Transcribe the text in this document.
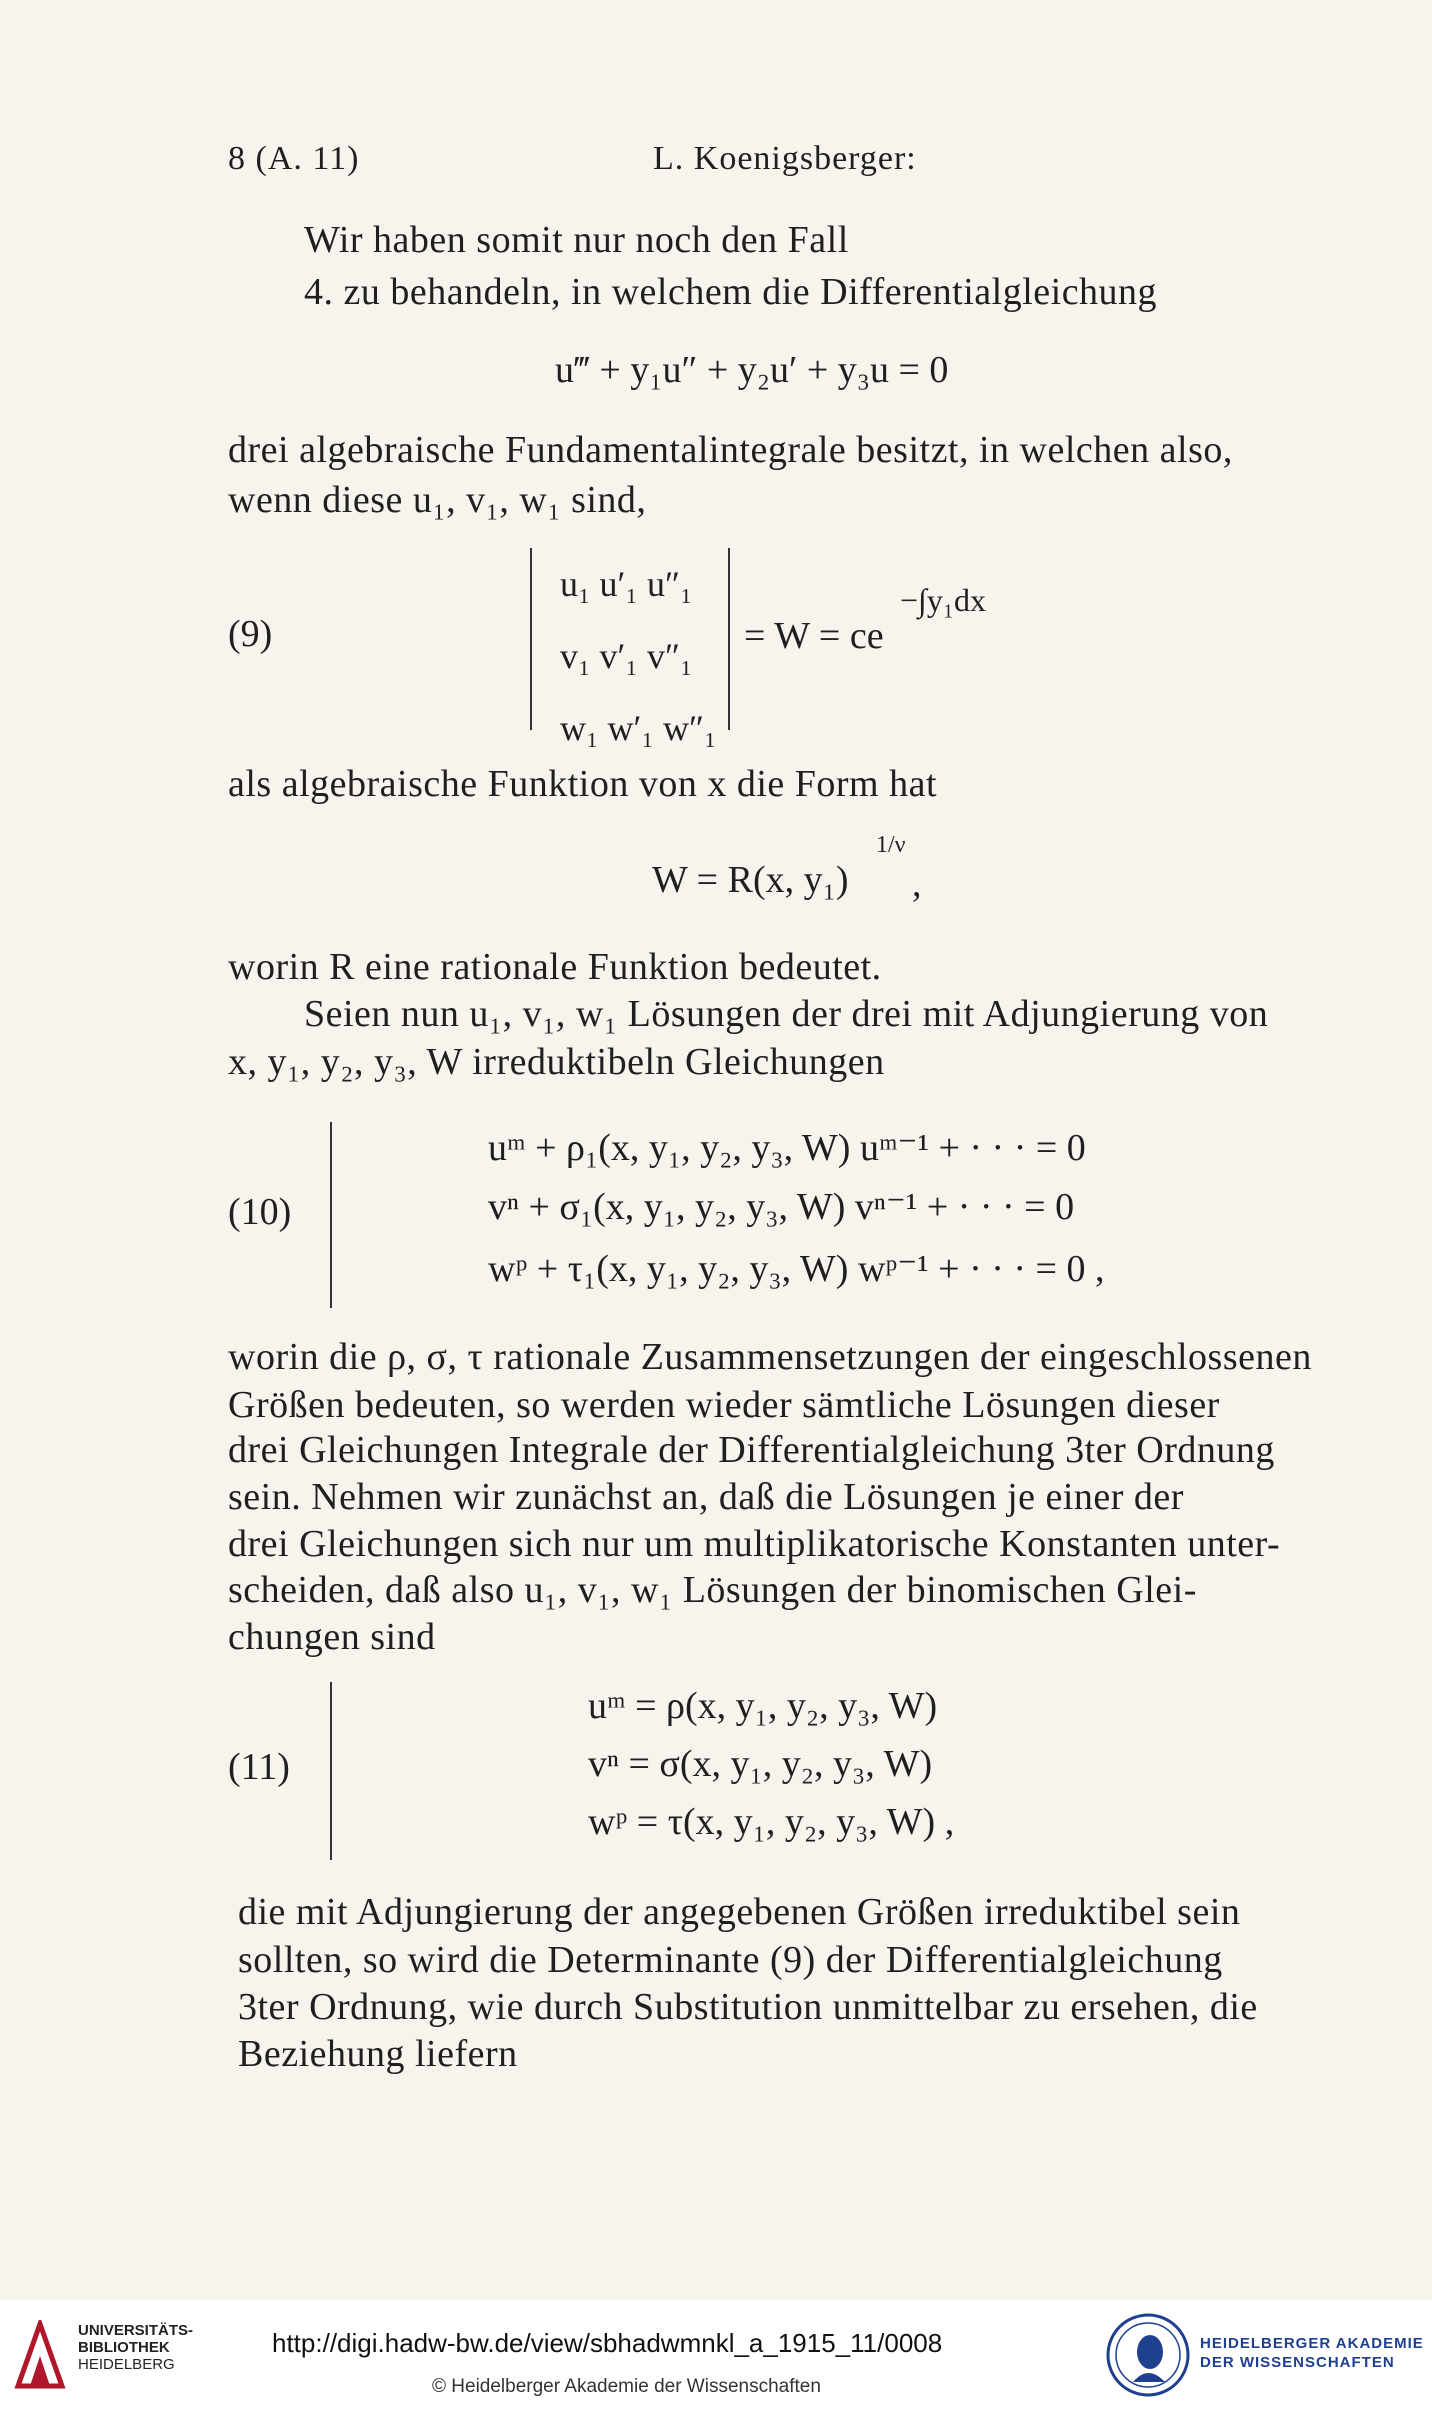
8 (A. 11)	L. Koenigsberger:
Wir haben somit nur noch den Fall
4. zu behandeln, in welchem die Differentialgleichung
u‴ + y₁u″ + y₂u′ + y₃u = 0
drei algebraische Fundamentalintegrale besitzt, in welchen also,
wenn diese u₁, v₁, w₁ sind,
(9)
u₁ u′₁ u″₁
v₁ v′₁ v″₁
w₁ w′₁ w″₁
= W = ce
−∫y₁dx
als algebraische Funktion von x die Form hat
W = R(x, y₁)
1/ν
,
worin R eine rationale Funktion bedeutet.
Seien nun u₁, v₁, w₁ Lösungen der drei mit Adjungierung von
x, y₁, y₂, y₃, W irreduktibeln Gleichungen
(10)
uᵐ + ρ₁(x, y₁, y₂, y₃, W) uᵐ⁻¹ + · · · = 0
vⁿ + σ₁(x, y₁, y₂, y₃, W) vⁿ⁻¹ + · · · = 0
wᵖ + τ₁(x, y₁, y₂, y₃, W) wᵖ⁻¹ + · · · = 0 ,
worin die ρ, σ, τ rationale Zusammensetzungen der eingeschlossenen
Größen bedeuten, so werden wieder sämtliche Lösungen dieser
drei Gleichungen Integrale der Differentialgleichung 3ter Ordnung
sein. Nehmen wir zunächst an, daß die Lösungen je einer der
drei Gleichungen sich nur um multiplikatorische Konstanten unter-
scheiden, daß also u₁, v₁, w₁ Lösungen der binomischen Glei-
chungen sind
(11)
uᵐ = ρ(x, y₁, y₂, y₃, W)
vⁿ = σ(x, y₁, y₂, y₃, W)
wᵖ = τ(x, y₁, y₂, y₃, W) ,
die mit Adjungierung der angegebenen Größen irreduktibel sein
sollten, so wird die Determinante (9) der Differentialgleichung
3ter Ordnung, wie durch Substitution unmittelbar zu ersehen, die
Beziehung liefern
UNIVERSITÄTS-
BIBLIOTHEK
HEIDELBERG
http://digi.hadw-bw.de/view/sbhadwmnkl_a_1915_11/0008
© Heidelberger Akademie der Wissenschaften
HEIDELBERGER AKADEMIE
DER WISSENSCHAFTEN
